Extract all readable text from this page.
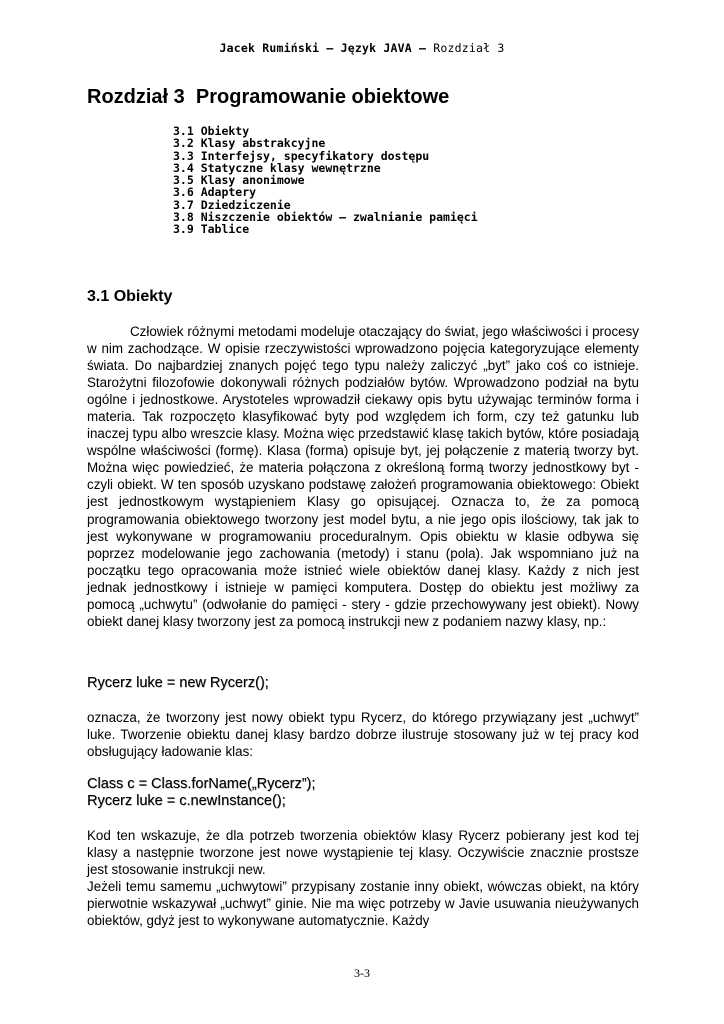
Jacek Rumiński – Język JAVA – Rozdział 3
Rozdział 3  Programowanie obiektowe
3.1 Obiekty
3.2 Klasy abstrakcyjne
3.3 Interfejsy, specyfikatory dostępu
3.4 Statyczne klasy wewnętrzne
3.5 Klasy anonimowe
3.6 Adaptery
3.7 Dziedziczenie
3.8 Niszczenie obiektów – zwalnianie pamięci
3.9 Tablice
3.1 Obiekty

Człowiek różnymi metodami modeluje otaczający do świat, jego właściwości i procesy w nim zachodzące. W opisie rzeczywistości wprowadzono pojęcia kategoryzujące elementy świata. Do najbardziej znanych pojęć tego typu należy zaliczyć „byt” jako coś co istnieje. Starożytni filozofowie dokonywali różnych podziałów bytów. Wprowadzono podział na bytu ogólne i jednostkowe. Arystoteles wprowadził ciekawy opis bytu używając terminów forma i materia. Tak rozpoczęto klasyfikować byty pod względem ich form, czy też gatunku lub inaczej typu albo wreszcie klasy. Można więc przedstawić klasę takich bytów, które posiadają wspólne właściwości (formę). Klasa (forma) opisuje byt, jej połączenie z materią tworzy byt. Można więc powiedzieć, że materia połączona z określoną formą tworzy jednostkowy byt - czyli obiekt. W ten sposób uzyskano podstawę założeń programowania obiektowego: Obiekt jest jednostkowym wystąpieniem Klasy go opisującej. Oznacza to, że za pomocą programowania obiektowego tworzony jest model bytu, a nie jego opis ilościowy, tak jak to jest wykonywane w programowaniu proceduralnym. Opis obiektu w klasie odbywa się poprzez modelowanie jego zachowania (metody) i stanu (pola). Jak wspomniano już na początku tego opracowania może istnieć wiele obiektów danej klasy. Każdy z nich jest jednak jednostkowy i istnieje w pamięci komputera. Dostęp do obiektu jest możliwy za pomocą „uchwytu” (odwołanie do pamięci - stery - gdzie przechowywany jest obiekt). Nowy obiekt danej klasy tworzony jest za pomocą instrukcji new z podaniem nazwy klasy, np.:

Rycerz luke = new Rycerz();

oznacza, że tworzony jest nowy obiekt typu Rycerz, do którego przywiązany jest „uchwyt” luke. Tworzenie obiektu danej klasy bardzo dobrze ilustruje stosowany już w tej pracy kod obsługujący ładowanie klas:

Class c = Class.forName(„Rycerz”);
Rycerz luke = c.newInstance();

Kod ten wskazuje, że dla potrzeb tworzenia obiektów klasy Rycerz pobierany jest kod tej klasy a następnie tworzone jest nowe wystąpienie tej klasy. Oczywiście znacznie prostsze jest stosowanie instrukcji new.

Jeżeli temu samemu „uchwytowi” przypisany zostanie inny obiekt, wówczas obiekt, na który pierwotnie wskazywał „uchwyt” ginie. Nie ma więc potrzeby w Javie usuwania nieużywanych obiektów, gdyż jest to wykonywane automatycznie. Każdy

3-3
